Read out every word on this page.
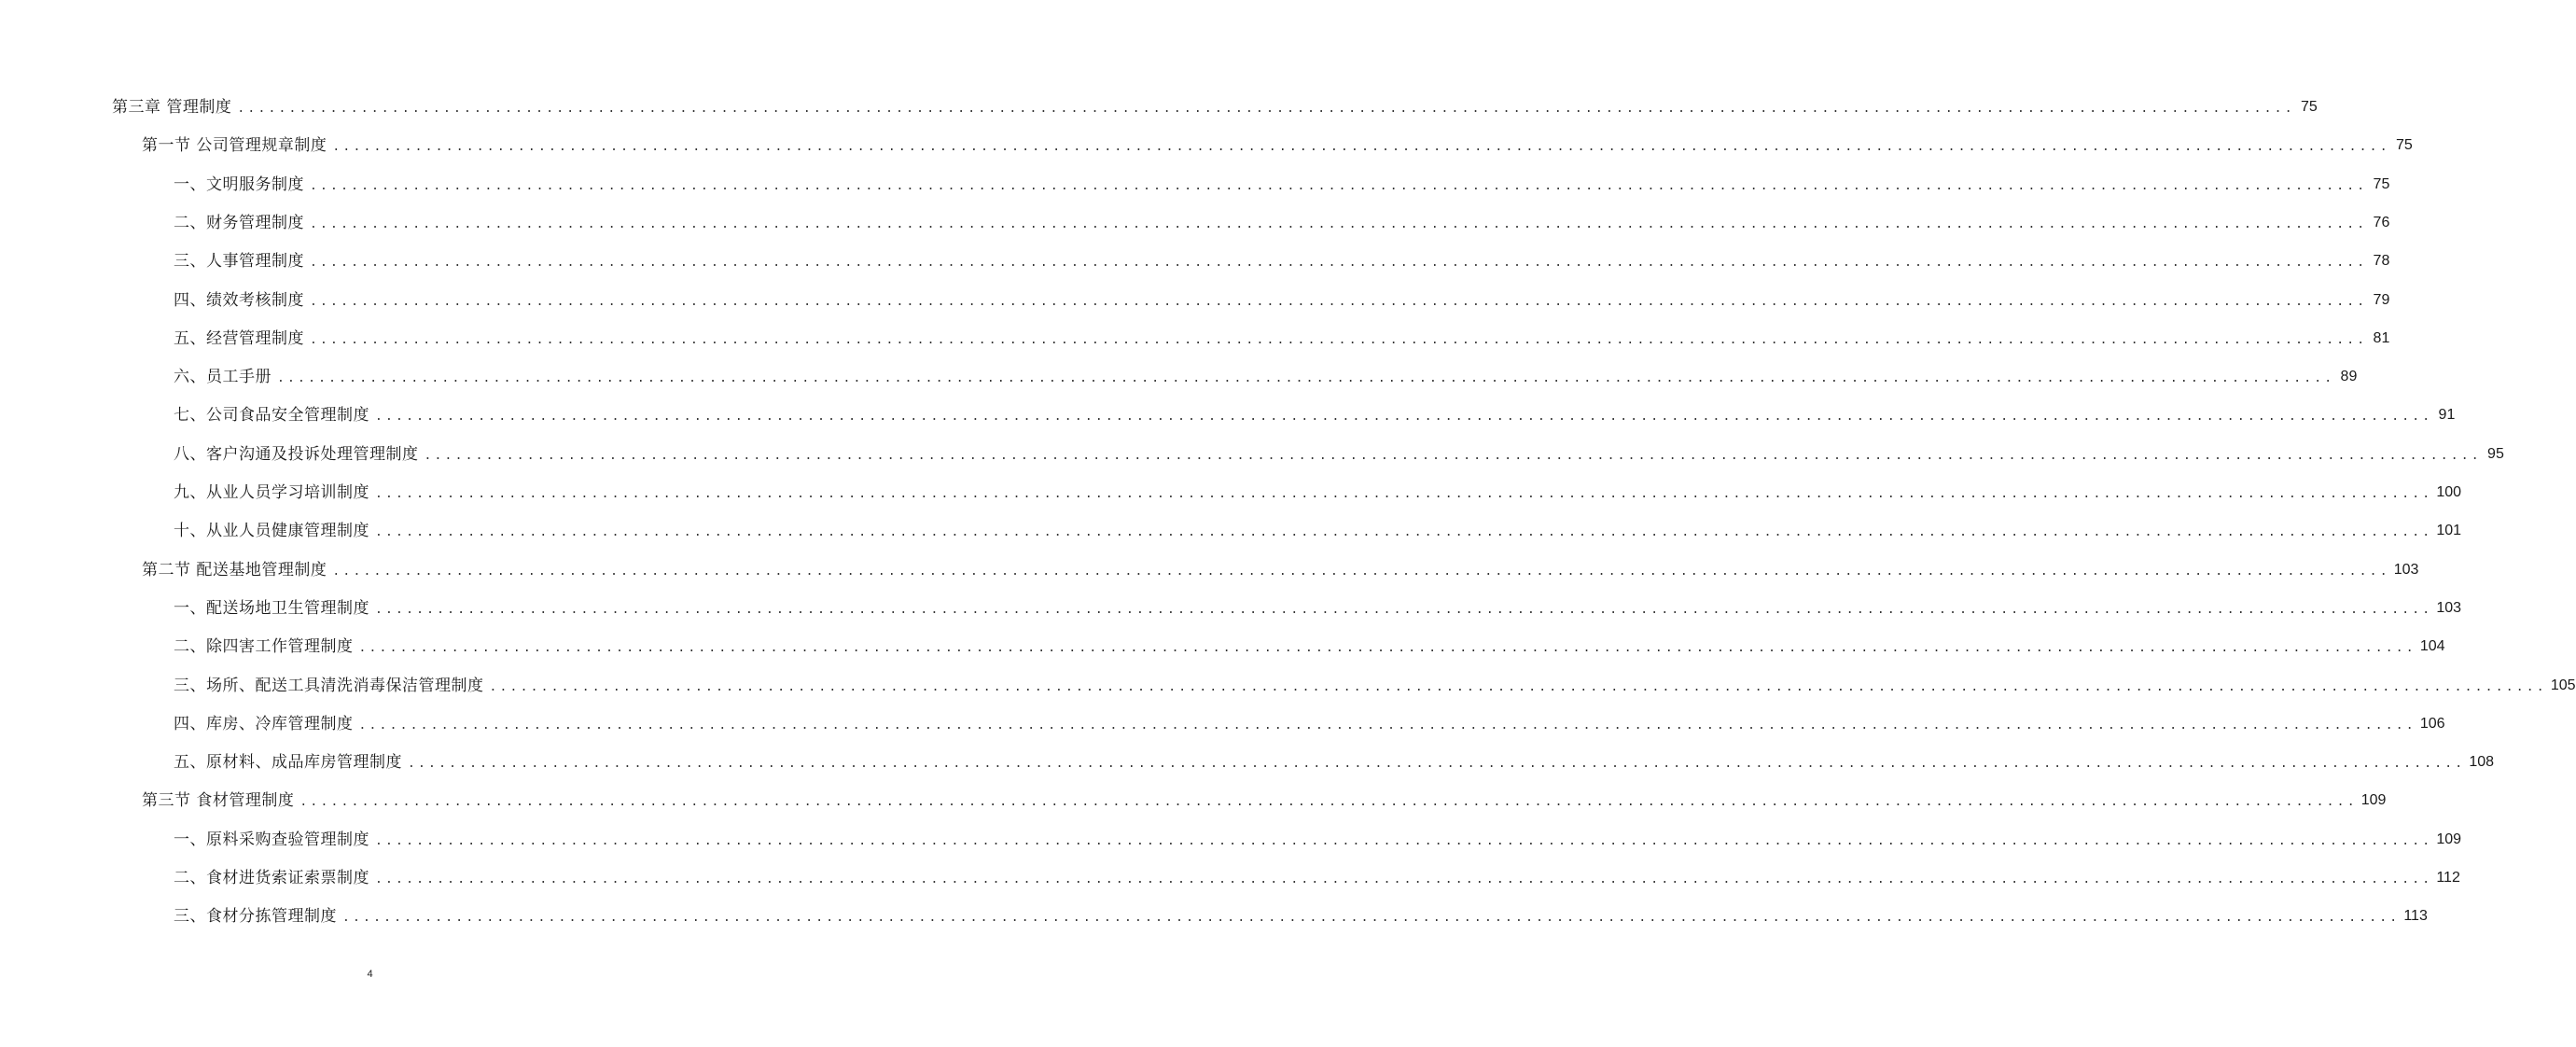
第三章 管理制度 ........................................................................................................................................................................................................ 75
第一节 公司管理规章制度 ........................................................................................................................................................................................................ 75
一、文明服务制度 ........................................................................................................................................................................................................ 75
二、财务管理制度 ........................................................................................................................................................................................................ 76
三、人事管理制度 ........................................................................................................................................................................................................ 78
四、绩效考核制度 ........................................................................................................................................................................................................ 79
五、经营管理制度 ........................................................................................................................................................................................................ 81
六、员工手册 ........................................................................................................................................................................................................ 89
七、公司食品安全管理制度 ........................................................................................................................................................................................................ 91
八、客户沟通及投诉处理管理制度 ........................................................................................................................................................................................................ 95
九、从业人员学习培训制度 ........................................................................................................................................................................................................ 100
十、从业人员健康管理制度 ........................................................................................................................................................................................................ 101
第二节 配送基地管理制度 ........................................................................................................................................................................................................ 103
一、配送场地卫生管理制度 ........................................................................................................................................................................................................ 103
二、除四害工作管理制度 ........................................................................................................................................................................................................ 104
三、场所、配送工具清洗消毒保洁管理制度 ........................................................................................................................................................................................................ 105
四、库房、冷库管理制度 ........................................................................................................................................................................................................ 106
五、原材料、成品库房管理制度 ........................................................................................................................................................................................................ 108
第三节 食材管理制度 ........................................................................................................................................................................................................ 109
一、原料采购查验管理制度 ........................................................................................................................................................................................................ 109
二、食材进货索证索票制度 ........................................................................................................................................................................................................ 112
三、食材分拣管理制度 ........................................................................................................................................................................................................ 113
4
